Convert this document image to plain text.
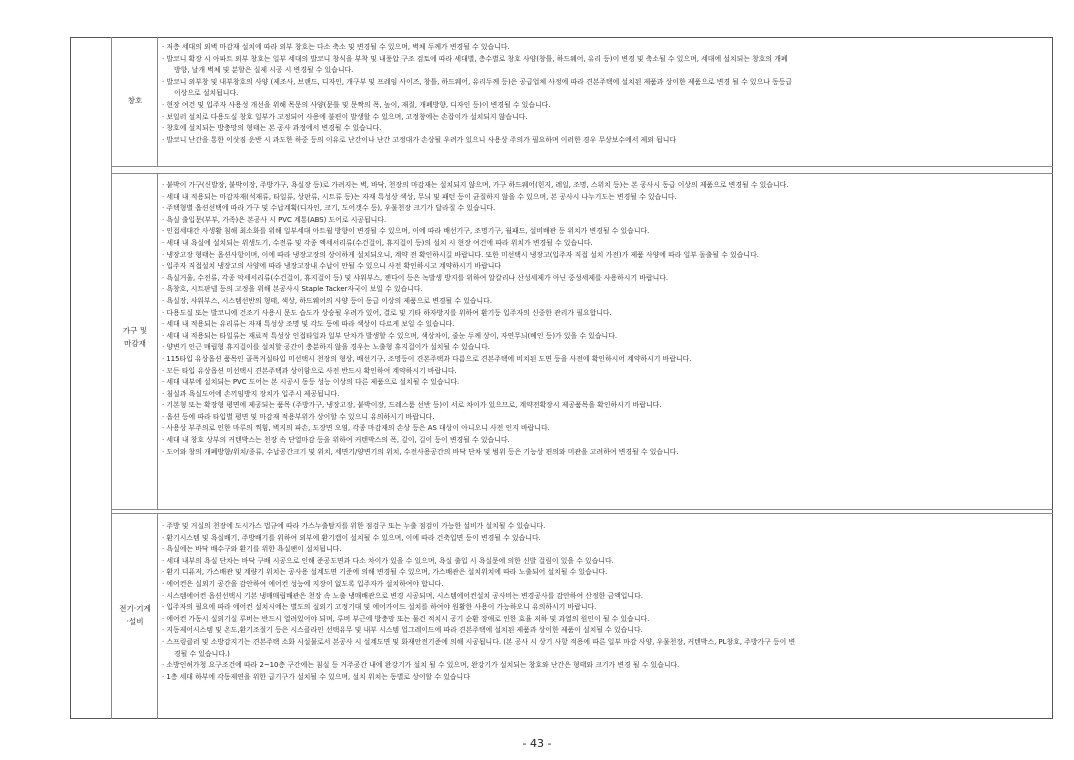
창호
· 저층 세대의 외벽 마감재 설치에 따라 외부 창호는 다소 축소 및 변경될 수 있으며, 벽체 두께가 변경될 수 있습니다.
· 발코니 확장 시 아파트 외부 창호는 일부 세대의 발코니 창식을 부착 및 내풍압 구조 검토에 따라 세대별, 층수별로 창호 사양(창틀, 하드웨어, 유리 등)이 변경 및 축소될 수 있으며, 세대에 설치되는 창호의 개폐
방향, 날개 벽체 및 분할은 실제 시공 시 변경될 수 있습니다.
· 발코니 외부창 및 내부창호의 사양 (제조사, 브랜드, 디자인, 개구부 및 프레임 사이즈, 창틀, 하드웨어, 유리두께 등)은 공급업체 사정에 따라 견본주택에 설치된 제품과 상이한 제품으로 변경 될 수 있으나 동등급
이상으로 설치됩니다.
· 현장 여건 및 입주자 사용성 개선을 위해 목문의 사양(문틀 및 문짝의 폭, 높이, 재질, 개폐방향, 디자인 등)이 변경될 수 있습니다.
· 보일러 설치로 다용도실 창호 일부가 고정되어 사용에 불편이 발생할 수 있으며, 고정창에는 손잡이가 설치되지 않습니다.
· 창호에 설치되는 방충망의 형태는 본 공사 과정에서 변경될 수 있습니다.
· 발코니 난간을 통한 이삿짐 운반 시 과도한 하중 등의 이유로 난간이나 난간 고정대가 손상될 우려가 있으니 사용상 주의가 필요하며 이러한 경우 무상보수에서 제외 됩니다
가구 및
마감재
· 붙박이 가구(신발장, 붙박이장, 주방가구, 욕실장 등)로 가려지는 벽, 바닥, 천장의 마감재는 설치되지 않으며, 가구 하드웨어(힌지, 레일, 조명, 스위치 등)는 본 공사시 동급 이상의 제품으로 변경될 수 있습니다.
· 세대 내 적용되는 마감자재(석재류, 타일류, 상판류, 시트류 등)는 자재 특성상 색상, 무늬 및 패턴 등이 균질하지 않을 수 있으며, 본 공사시 나누기도는 변경될 수 있습니다.
· 주택형별 옵션선택에 따라 가구 및 수납계획(디자인, 크기, 도어갯수 등), 우물천장 크기가 달라질 수 있습니다.
· 욕실 출입문(부부, 가족)은 본공사 시 PVC 계통(ABS) 도어로 시공됩니다.
· 인접세대간 사생활 침해 최소화를 위해 일부세대 아트월 방향이 변경될 수 있으며, 이에 따라 배선기구, 조명기구, 월패드, 설비배관 등 위치가 변경될 수 있습니다.
· 세대 내 욕실에 설치되는 위생도기, 수전류 및 각종 액세서리류(수건걸이, 휴지걸이 등)의 설치 시 현장 여건에 따라 위치가 변경될 수 있습니다.
· 냉장고장 형태는 옵션사항이며, 이에 따라 냉장고장의 상이하게 설치되오니, 계약 전 확인하시길 바랍니다. 또한 미선택시 냉장고(입주자 직접 설치 가전)가 제품 사양에 따라 일부 돌출될 수 있습니다.
· 입주자 직접설치 냉장고의 사양에 따라 냉장고장내 수납이 안될 수 있으니 사전 확인하시고 계약하시기 바랍니다
· 욕실거울, 수전류, 각종 악세서리류(수건걸이, 휴지걸이 등) 및 샤워부스, 젠다이 등은 녹발생 방지를 위하여 알칼리나 산성세제가 아닌 중성세제를 사용하시기 바랍니다.
· 욕창호, 시트판넬 등의 고정을 위해 본공사시 Staple Tacker자국이 보일 수 있습니다.
· 욕실장, 샤워부스, 시스템선반의 형태, 색상, 하드웨어의 사양 등이 동급 이상의 제품으로 변경될 수 있습니다.
· 다용도실 또는 발코니에 건조기 사용시 문도 습도가 상승될 우려가 있어, 결로 및 기타 하자방지를 위하여 환기등 입주자의 신중한 관리가 필요합니다.
· 세대 내 적용되는 유리류는 자재 특성상 조명 및 각도 등에 따라 색상이 다르게 보일 수 있습니다.
· 세대 내 적용되는 타일류는 재료적 특성상 인접타일과 일부 단차가 발생할 수 있으며, 색상차이, 줄눈 두께 상이, 자연무늬(베인 등)가 있을 수 있습니다.
· 양변기 인근 매립형 휴지걸이를 설치할 공간이 충분하지 않을 경우는 노출형 휴지걸이가 설치될 수 있습니다.
· 115타입 유상옵션 품목인 골폭거실타입 미선택시 천장의 형상, 배선기구, 조명등이 견본주택과 다름으로 견본주택에 비치된 도면 등을 사전에 확인하시어 계약하시기 바랍니다.
· 모든 타입 유상옵션 미선택시 견본주택과 상이함으로 사전 반드시 확인하여 계약하시기 바랍니다.
· 세대 내부에 설치되는 PVC 도어는 본 시공시 동등 성능 이상의 다른 제품으로 설치될 수 있습니다.
· 침실과 욕실도어에 손끼임방지 장치가 입주시 제공됩니다.
· 기본형 또는 확장형 평면에 제공되는 품목 (주방가구, 냉장고장, 붙박이장, 드레스룸 선반 등)이 서로 차이가 있으므로, 계약전확장시 제공품목을 확인하시기 바랍니다.
· 옵션 등에 따라 타입별 평면 및 마감재 적용부위가 상이할 수 있으니 유의하시기 바랍니다.
· 사용상 부주의로 인한 마루의 찍힘, 벽지의 파손, 도장면 오염, 각종 마감재의 손상 등은 AS 대상이 아니오니 사전 인지 바랍니다.
· 세대 내 창호 상부의 커텐박스는 천장 속 단열마감 등을 위하여 커텐박스의 폭, 깊이, 길이 등이 변경될 수 있습니다.
· 도어와 창의 개폐방향/위치/종류, 수납공간크기 및 위치, 세면기/양변기의 위치, 수전사용공간의 바닥 단차 및 범위 등은 기능상 편의와 미관을 고려하여 변경될 수 있습니다.
전기·기계
·설비
· 주방 및 거실의 천장에 도시가스 법규에 따라 가스누출탐지를 위한 점검구 또는 누출 점검이 가능한 설비가 설치될 수 있습니다.
· 환기시스템 및 욕실배기, 주방배기를 위하여 외부에 환기캡이 설치될 수 있으며, 이에 따라 건축입면 등이 변경될 수 있습니다.
· 욕실에는 바닥 배수구와 환기를 위한 욕실팬이 설치됩니다.
· 세대 내부의 욕실 단차는 바닥 구배 시공으로 인해 준공도면과 다소 차이가 있을 수 있으며, 욕실 출입 시 욕실문에 의한 신발 걸림이 있을 수 있습니다.
· 환기 디퓨저, 가스배관 및 계량기 위치는 공사용 설계도면 기준에 의해 변경될 수 있으며, 가스배관은 설치위치에 따라 노출되어 설치될 수 있습니다.
· 에어컨은 실외기 공간을 감안하여 에어컨 성능에 지장이 없도록 입주자가 설치하여야 합니다.
· 시스템에어컨 옵션선택시 기본 냉매매립배관은 천장 속 노출 냉매배관으로 변경 시공되며, 시스템에어컨설치 공사비는 변경공사를 감안하여 산정한 금액입니다.
· 입주자의 필요에 따라 에어컨 설치시에는 별도의 실외기 고정기대 및 에어가이드 설치를 하여야 원활한 사용이 가능하오니 유의하시기 바랍니다.
· 에어컨 가동시 실외기실 루버는 반드시 열려있어야 되며, 루버 부근에 방충망 또는 물건 적치시 공기 순환 장애로 인한 효율 저하 및 과열의 원인이 될 수 있습니다.
· 지동제어시스템 및 온도,환기조절기 등은 시스클라인 선택유무 및 내부 시스템 업그레이드에 따라 견본주택에 설치된 제품과 상이한 제품이 설치될 수 있습니다.
· 스프링클러 및 소방감지기는 견본주택 소화 시설물로서 본공사 시 설계도면 및 화재안전기준에 의해 시공됩니다. (본 공사 시 상기 사항 적용에 따른 일부 마감 사양, 우물천장, 커텐박스, PL창호, 주방가구 등이 변
경될 수 있습니다.)
· 소방인허가청 요구조건에 따라 2~10층 구간에는 침실 등 거주공간 내에 완강기가 설치 될 수 있으며, 완강기가 설치되는 창호와 난간은 형태와 크기가 변경 될 수 있습니다.
· 1층 세대 하부에 각동제연을 위한 급기구가 설치될 수 있으며, 설치 위치는 동별로 상이할 수 있습니다
- 43 -
